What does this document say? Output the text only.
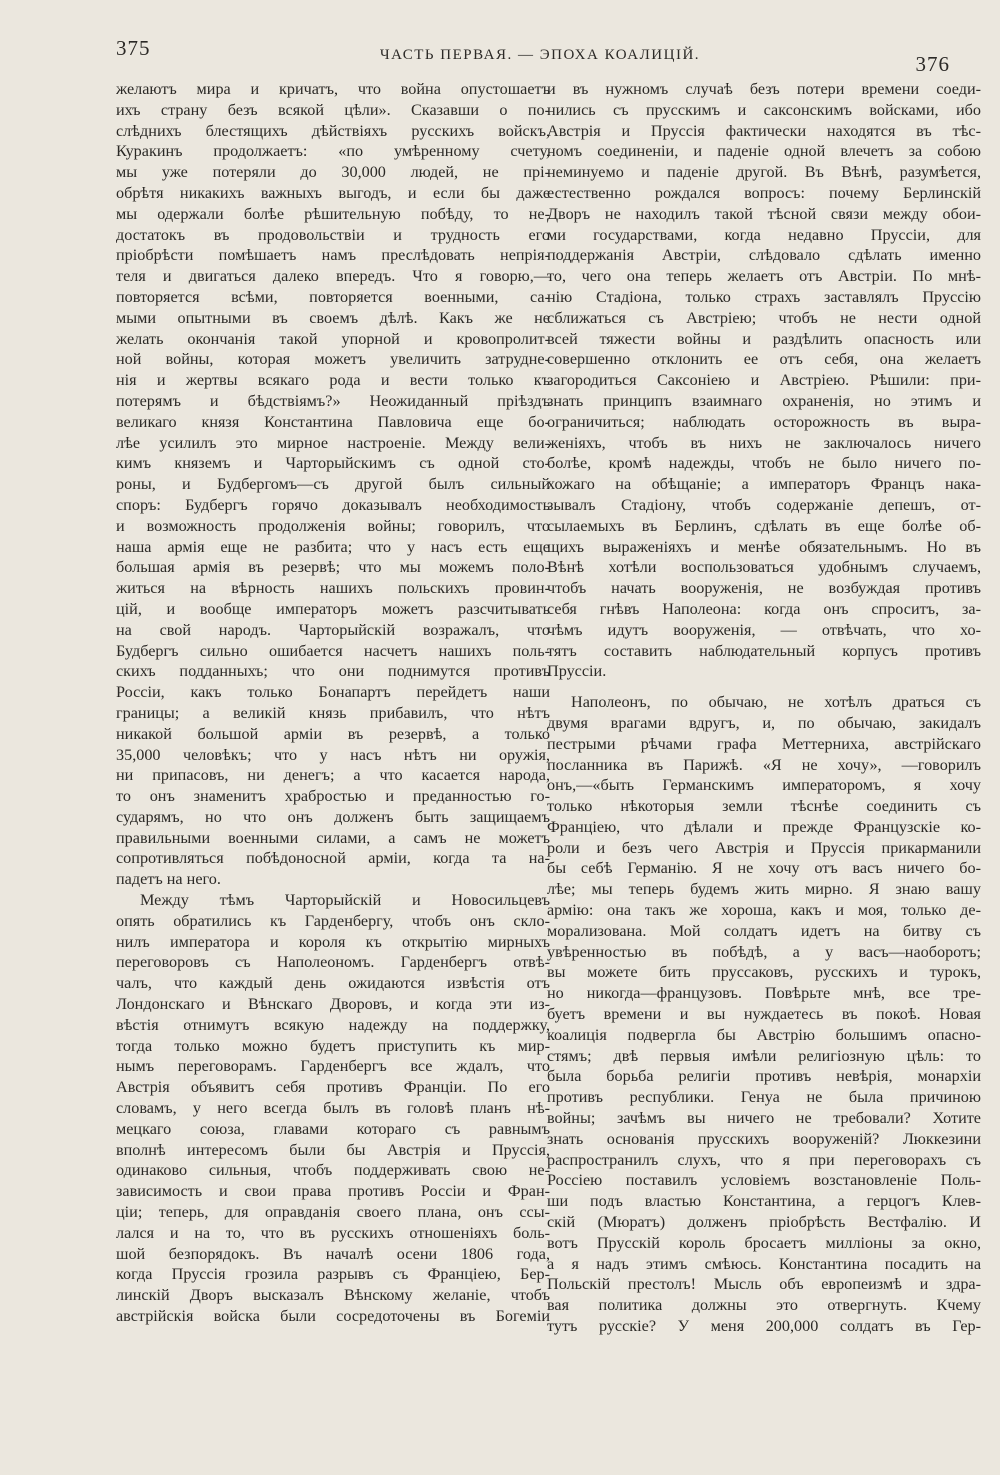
375	ЧАСТЬ ПЕРВАЯ. — ЭПОХА КОАЛИЦІЙ.	376
желаютъ мира и кричатъ, что война опустошаетъ
ихъ страну безъ всякой цѣли». Сказавши о по-
слѣднихъ блестящихъ дѣйствіяхъ русскихъ войскъ,
Куракинъ продолжаетъ: «по умѣренному счету,
мы уже потеряли до 30,000 людей, не прі-
обрѣтя никакихъ важныхъ выгодъ, и если бы даже
мы одержали болѣе рѣшительную побѣду, то не-
достатокъ въ продовольствіи и трудность его
пріобрѣсти помѣшаетъ намъ преслѣдовать непрія-
теля и двигаться далеко впередъ. Что я говорю,—
повторяется всѣми, повторяется военными, са-
мыми опытными въ своемъ дѣлѣ. Какъ же не
желать окончанія такой упорной и кровопролит-
ной войны, которая можетъ увеличить затрудне-
нія и жертвы всякаго рода и вести только къ
потерямъ и бѣдствіямъ?» Неожиданный пріѣздъ
великаго князя Константина Павловича еще бо-
лѣе усилилъ это мирное настроеніе. Между вели-
кимъ княземъ и Чарторыйскимъ съ одной сто-
роны, и Будбергомъ—съ другой былъ сильный
споръ: Будбергъ горячо доказывалъ необходимость
и возможность продолженія войны; говорилъ, что
наша армія еще не разбита; что у насъ есть еще
большая армія въ резервѣ; что мы можемъ поло-
житься на вѣрность нашихъ польскихъ провин-
цій, и вообще императоръ можетъ разсчитывать
на свой народъ. Чарторыйскій возражалъ, что
Будбергъ сильно ошибается насчетъ нашихъ поль-
скихъ подданныхъ; что они поднимутся противъ
Россіи, какъ только Бонапартъ перейдетъ наши
границы; а великій князь прибавилъ, что нѣтъ
никакой большой арміи въ резервѣ, а только
35,000 человѣкъ; что у насъ нѣтъ ни оружія,
ни припасовъ, ни денегъ; а что касается народа,
то онъ знаменитъ храбростью и преданностью го-
сударямъ, но что онъ долженъ быть защищаемъ
правильными военными силами, а самъ не можетъ
сопротивляться побѣдоносной арміи, когда та на-
падетъ на него.
Между тѣмъ Чарторыйскій и Новосильцевъ
опять обратились къ Гарденбергу, чтобъ онъ скло-
нилъ императора и короля къ открытію мирныхъ
переговоровъ съ Наполеономъ. Гарденбергъ отвѣ-
чалъ, что каждый день ожидаются извѣстія отъ
Лондонскаго и Вѣнскаго Дворовъ, и когда эти из-
вѣстія отнимутъ всякую надежду на поддержку,
тогда только можно будетъ приступить къ мир-
нымъ переговорамъ. Гарденбергъ все ждалъ, что
Австрія объявитъ себя противъ Франціи. По его
словамъ, у него всегда былъ въ головѣ планъ нѣ-
мецкаго союза, главами котораго съ равнымъ
вполнѣ интересомъ были бы Австрія и Пруссія,
одинаково сильныя, чтобъ поддерживать свою не-
зависимость и свои права противъ Россіи и Фран-
ціи; теперь, для оправданія своего плана, онъ ссы-
лался и на то, что въ русскихъ отношеніяхъ боль-
шой безпорядокъ. Въ началѣ осени 1806 года,
когда Пруссія грозила разрывъ съ Франціею, Бер-
линскій Дворъ высказалъ Вѣнскому желаніе, чтобъ
австрійскія войска были сосредоточены въ Богеміи
и въ нужномъ случаѣ безъ потери времени соеди-
нились съ прусскимъ и саксонскимъ войсками, ибо
Австрія и Пруссія фактически находятся въ тѣс-
номъ соединеніи, и паденіе одной влечетъ за собою
неминуемо и паденіе другой. Въ Вѣнѣ, разумѣется,
естественно рождался вопросъ: почему Берлинскій
Дворъ не находилъ такой тѣсной связи между обои-
ми государствами, когда недавно Пруссіи, для
поддержанія Австріи, слѣдовало сдѣлать именно
то, чего она теперь желаетъ отъ Австріи. По мнѣ-
нію Стадіона, только страхъ заставлялъ Пруссію
сближаться съ Австріею; чтобъ не нести одной
всей тяжести войны и раздѣлить опасность или
совершенно отклонить ее отъ себя, она желаетъ
загородиться Саксоніею и Австріею. Рѣшили: при-
знать принципъ взаимнаго охраненія, но этимъ и
ограничиться; наблюдать осторожность въ выра-
женіяхъ, чтобъ въ нихъ не заключалось ничего
болѣе, кромѣ надежды, чтобъ не было ничего по-
хожаго на обѣщаніе; а императоръ Францъ нака-
зывалъ Стадіону, чтобъ содержаніе депешъ, от-
сылаемыхъ въ Берлинъ, сдѣлать въ еще болѣе об-
щихъ выраженіяхъ и менѣе обязательнымъ. Но въ
Вѣнѣ хотѣли воспользоваться удобнымъ случаемъ,
чтобъ начать вооруженія, не возбуждая противъ
себя гнѣвъ Наполеона: когда онъ спроситъ, за-
чѣмъ идутъ вооруженія, — отвѣчать, что хо-
тятъ составить наблюдательный корпусъ противъ
Пруссіи.
Наполеонъ, по обычаю, не хотѣлъ драться съ
двумя врагами вдругъ, и, по обычаю, закидалъ
пестрыми рѣчами графа Меттерниха, австрійскаго
посланника въ Парижѣ. «Я не хочу», —говорилъ
онъ,—«быть Германскимъ императоромъ, я хочу
только нѣкоторыя земли тѣснѣе соединить съ
Франціею, что дѣлали и прежде Французскіе ко-
роли и безъ чего Австрія и Пруссія прикарманили
бы себѣ Германію. Я не хочу отъ васъ ничего бо-
лѣе; мы теперь будемъ жить мирно. Я знаю вашу
армію: она такъ же хороша, какъ и моя, только де-
морализована. Мой солдатъ идетъ на битву съ
увѣренностью въ побѣдѣ, а у васъ—наоборотъ;
вы можете бить пруссаковъ, русскихъ и турокъ,
но никогда—французовъ. Повѣрьте мнѣ, все тре-
буетъ времени и вы нуждаетесь въ покоѣ. Новая
коалиція подвергла бы Австрію большимъ опасно-
стямъ; двѣ первыя имѣли религіозную цѣль: то
была борьба религіи противъ невѣрія, монархіи
противъ республики. Генуа не была причиною
войны; зачѣмъ вы ничего не требовали? Хотите
знать основанія прусскихъ вооруженій? Люккезини
распространилъ слухъ, что я при переговорахъ съ
Россіею поставилъ условіемъ возстановленіе Поль-
ши подъ властью Константина, а герцогъ Клев-
скій (Мюратъ) долженъ пріобрѣсть Вестфалію. И
вотъ Прусскій король бросаетъ милліоны за окно,
а я надъ этимъ смѣюсь. Константина посадить на
Польскій престолъ! Мысль объ европеизмѣ и здра-
вая политика должны это отвергнуть. Кчему
тутъ русскіе? У меня 200,000 солдатъ въ Гер-
